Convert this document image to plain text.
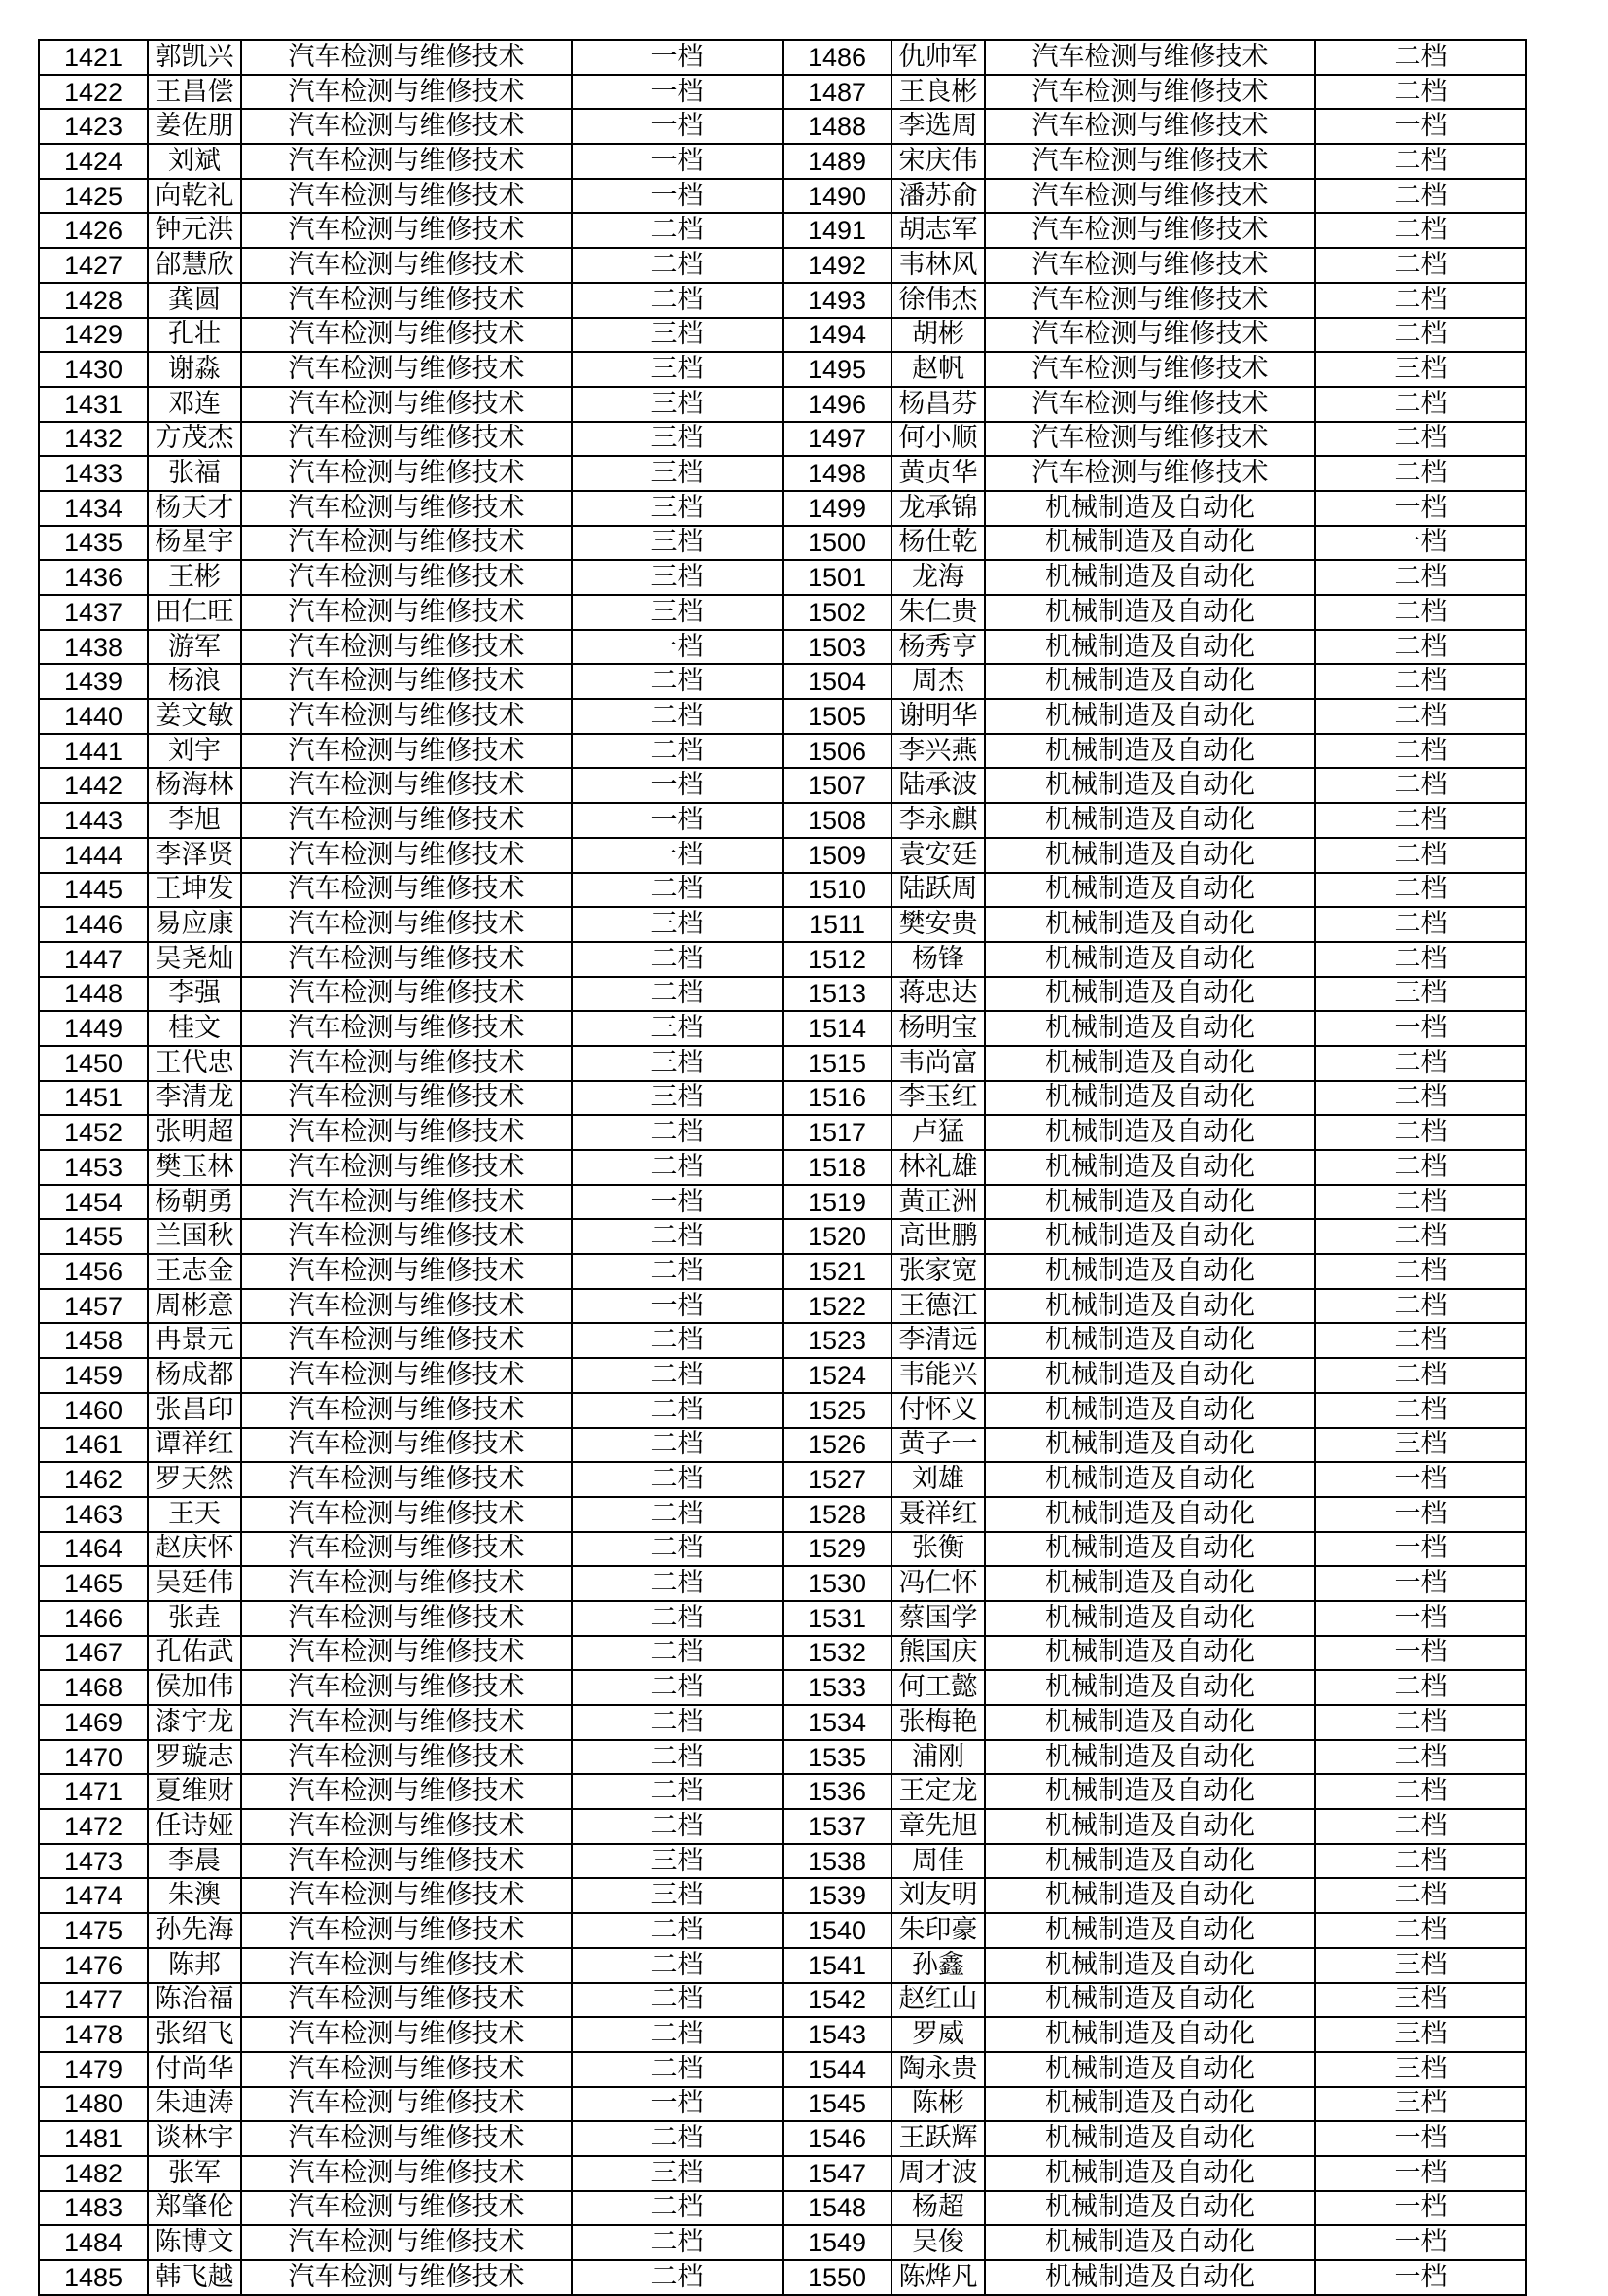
1421	郭凯兴	汽车检测与维修技术	一档	1486	仇帅军	汽车检测与维修技术	二档
1422	王昌偿	汽车检测与维修技术	一档	1487	王良彬	汽车检测与维修技术	二档
1423	姜佐朋	汽车检测与维修技术	一档	1488	李选周	汽车检测与维修技术	一档
1424	刘斌	汽车检测与维修技术	一档	1489	宋庆伟	汽车检测与维修技术	二档
1425	向乾礼	汽车检测与维修技术	一档	1490	潘苏俞	汽车检测与维修技术	二档
1426	钟元洪	汽车检测与维修技术	二档	1491	胡志军	汽车检测与维修技术	二档
1427	邰慧欣	汽车检测与维修技术	二档	1492	韦林风	汽车检测与维修技术	二档
1428	龚圆	汽车检测与维修技术	二档	1493	徐伟杰	汽车检测与维修技术	二档
1429	孔壮	汽车检测与维修技术	三档	1494	胡彬	汽车检测与维修技术	二档
1430	谢淼	汽车检测与维修技术	三档	1495	赵帆	汽车检测与维修技术	三档
1431	邓连	汽车检测与维修技术	三档	1496	杨昌芬	汽车检测与维修技术	二档
1432	方茂杰	汽车检测与维修技术	三档	1497	何小顺	汽车检测与维修技术	二档
1433	张福	汽车检测与维修技术	三档	1498	黄贞华	汽车检测与维修技术	二档
1434	杨天才	汽车检测与维修技术	三档	1499	龙承锦	机械制造及自动化	一档
1435	杨星宇	汽车检测与维修技术	三档	1500	杨仕乾	机械制造及自动化	一档
1436	王彬	汽车检测与维修技术	三档	1501	龙海	机械制造及自动化	二档
1437	田仁旺	汽车检测与维修技术	三档	1502	朱仁贵	机械制造及自动化	二档
1438	游军	汽车检测与维修技术	一档	1503	杨秀亨	机械制造及自动化	二档
1439	杨浪	汽车检测与维修技术	二档	1504	周杰	机械制造及自动化	二档
1440	姜文敏	汽车检测与维修技术	二档	1505	谢明华	机械制造及自动化	二档
1441	刘宇	汽车检测与维修技术	二档	1506	李兴燕	机械制造及自动化	二档
1442	杨海林	汽车检测与维修技术	一档	1507	陆承波	机械制造及自动化	二档
1443	李旭	汽车检测与维修技术	一档	1508	李永麒	机械制造及自动化	二档
1444	李泽贤	汽车检测与维修技术	一档	1509	袁安廷	机械制造及自动化	二档
1445	王坤发	汽车检测与维修技术	二档	1510	陆跃周	机械制造及自动化	二档
1446	易应康	汽车检测与维修技术	三档	1511	樊安贵	机械制造及自动化	二档
1447	吴尧灿	汽车检测与维修技术	二档	1512	杨锋	机械制造及自动化	二档
1448	李强	汽车检测与维修技术	二档	1513	蒋忠达	机械制造及自动化	三档
1449	桂文	汽车检测与维修技术	三档	1514	杨明宝	机械制造及自动化	一档
1450	王代忠	汽车检测与维修技术	三档	1515	韦尚富	机械制造及自动化	二档
1451	李清龙	汽车检测与维修技术	三档	1516	李玉红	机械制造及自动化	二档
1452	张明超	汽车检测与维修技术	二档	1517	卢猛	机械制造及自动化	二档
1453	樊玉林	汽车检测与维修技术	二档	1518	林礼雄	机械制造及自动化	二档
1454	杨朝勇	汽车检测与维修技术	一档	1519	黄正洲	机械制造及自动化	二档
1455	兰国秋	汽车检测与维修技术	二档	1520	高世鹏	机械制造及自动化	二档
1456	王志金	汽车检测与维修技术	二档	1521	张家宽	机械制造及自动化	二档
1457	周彬意	汽车检测与维修技术	一档	1522	王德江	机械制造及自动化	二档
1458	冉景元	汽车检测与维修技术	二档	1523	李清远	机械制造及自动化	二档
1459	杨成都	汽车检测与维修技术	二档	1524	韦能兴	机械制造及自动化	二档
1460	张昌印	汽车检测与维修技术	二档	1525	付怀义	机械制造及自动化	二档
1461	谭祥红	汽车检测与维修技术	二档	1526	黄子一	机械制造及自动化	三档
1462	罗天然	汽车检测与维修技术	二档	1527	刘雄	机械制造及自动化	一档
1463	王天	汽车检测与维修技术	二档	1528	聂祥红	机械制造及自动化	一档
1464	赵庆怀	汽车检测与维修技术	二档	1529	张衡	机械制造及自动化	一档
1465	吴廷伟	汽车检测与维修技术	二档	1530	冯仁怀	机械制造及自动化	一档
1466	张垚	汽车检测与维修技术	二档	1531	蔡国学	机械制造及自动化	一档
1467	孔佑武	汽车检测与维修技术	二档	1532	熊国庆	机械制造及自动化	一档
1468	侯加伟	汽车检测与维修技术	二档	1533	何工懿	机械制造及自动化	二档
1469	漆宇龙	汽车检测与维修技术	二档	1534	张梅艳	机械制造及自动化	二档
1470	罗璇志	汽车检测与维修技术	二档	1535	浦刚	机械制造及自动化	二档
1471	夏维财	汽车检测与维修技术	二档	1536	王定龙	机械制造及自动化	二档
1472	任诗娅	汽车检测与维修技术	二档	1537	章先旭	机械制造及自动化	二档
1473	李晨	汽车检测与维修技术	三档	1538	周佳	机械制造及自动化	二档
1474	朱澳	汽车检测与维修技术	三档	1539	刘友明	机械制造及自动化	二档
1475	孙先海	汽车检测与维修技术	二档	1540	朱印豪	机械制造及自动化	二档
1476	陈邦	汽车检测与维修技术	二档	1541	孙鑫	机械制造及自动化	三档
1477	陈治福	汽车检测与维修技术	二档	1542	赵红山	机械制造及自动化	三档
1478	张绍飞	汽车检测与维修技术	二档	1543	罗威	机械制造及自动化	三档
1479	付尚华	汽车检测与维修技术	二档	1544	陶永贵	机械制造及自动化	三档
1480	朱迪涛	汽车检测与维修技术	一档	1545	陈彬	机械制造及自动化	三档
1481	谈林宇	汽车检测与维修技术	二档	1546	王跃辉	机械制造及自动化	一档
1482	张军	汽车检测与维修技术	三档	1547	周才波	机械制造及自动化	一档
1483	郑肇伦	汽车检测与维修技术	二档	1548	杨超	机械制造及自动化	一档
1484	陈博文	汽车检测与维修技术	二档	1549	吴俊	机械制造及自动化	一档
1485	韩飞越	汽车检测与维修技术	二档	1550	陈烨凡	机械制造及自动化	一档
